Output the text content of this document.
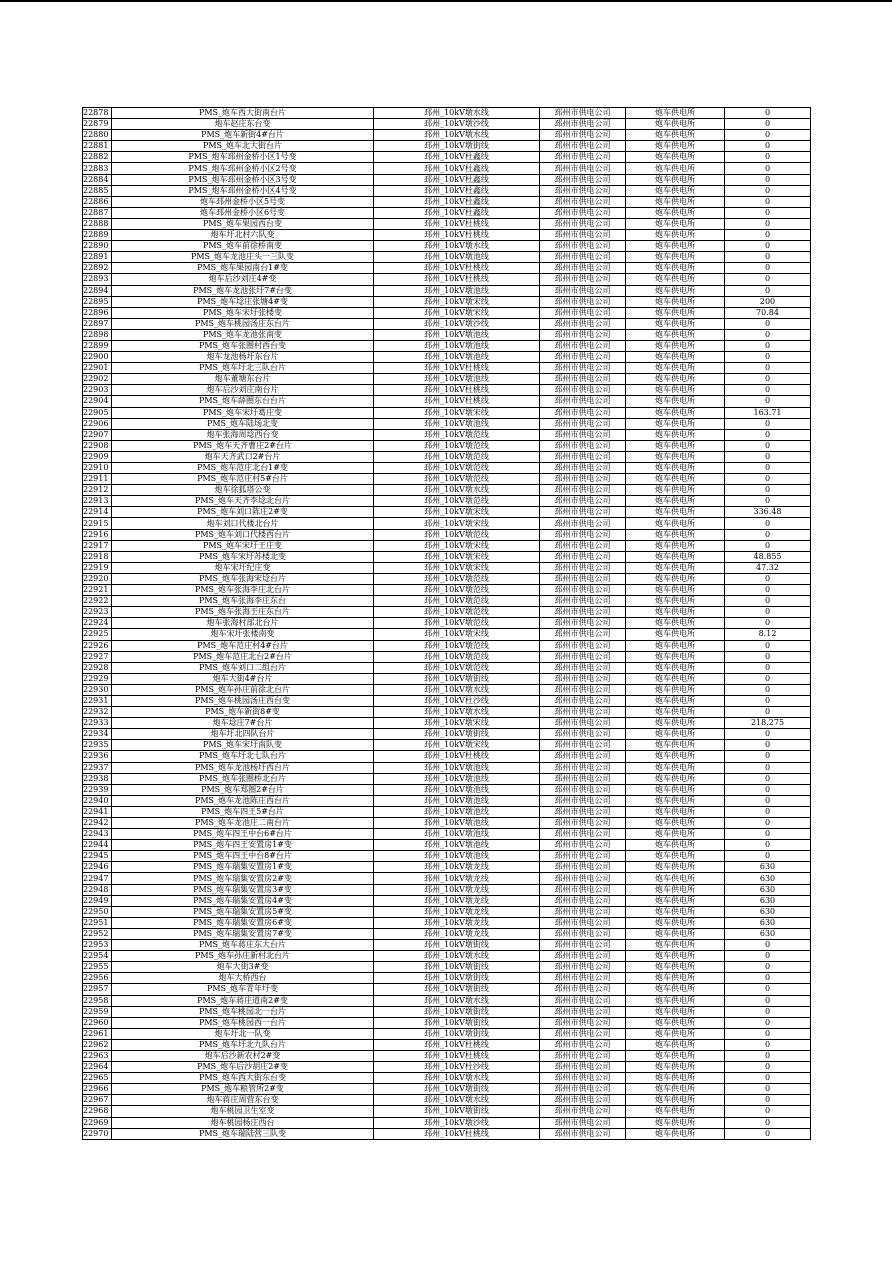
22878	PMS_炮车西大街南台片	邳州_10kV墩水线	邳州市供电公司	炮车供电所	0
22879	炮车赵庄东台变	邳州_10kV墩沙线	邳州市供电公司	炮车供电所	0
22880	PMS_炮车新街4#台片	邳州_10kV墩水线	邳州市供电公司	炮车供电所	0
22881	PMS_炮车北大街台片	邳州_10kV墩街线	邳州市供电公司	炮车供电所	0
22882	PMS_炮车邳州金桥小区1号变	邳州_10kV杜鑫线	邳州市供电公司	炮车供电所	0
22883	PMS_炮车邳州金桥小区2号变	邳州_10kV杜鑫线	邳州市供电公司	炮车供电所	0
22884	PMS_炮车邳州金桥小区3号变	邳州_10kV杜鑫线	邳州市供电公司	炮车供电所	0
22885	PMS_炮车邳州金桥小区4号变	邳州_10kV杜鑫线	邳州市供电公司	炮车供电所	0
22886	炮车邳州金桥小区5号变	邳州_10kV杜鑫线	邳州市供电公司	炮车供电所	0
22887	炮车邳州金桥小区6号变	邳州_10kV杜鑫线	邳州市供电公司	炮车供电所	0
22888	PMS_炮车果园西台变	邳州_10kV杜桃线	邳州市供电公司	炮车供电所	0
22889	炮车圩北村六队变	邳州_10kV杜桃线	邳州市供电公司	炮车供电所	0
22890	PMS_炮车前徐桥南变	邳州_10kV墩水线	邳州市供电公司	炮车供电所	0
22891	PMS_炮车龙池庄头一三队变	邳州_10kV墩池线	邳州市供电公司	炮车供电所	0
22892	PMS_炮车果园南台1#变	邳州_10kV杜桃线	邳州市供电公司	炮车供电所	0
22893	炮车后沙刘庄4#变	邳州_10kV杜桃线	邳州市供电公司	炮车供电所	0
22894	PMS_炮车龙池张圩7#台变	邳州_10kV墩池线	邳州市供电公司	炮车供电所	0
22895	PMS_炮车埝庄张塘4#变	邳州_10kV墩宋线	邳州市供电公司	炮车供电所	200
22896	PMS_炮车宋圩张楼变	邳州_10kV墩宋线	邳州市供电公司	炮车供电所	70.84
22897	PMS_炮车桃园汤庄东台片	邳州_10kV墩沙线	邳州市供电公司	炮车供电所	0
22898	PMS_炮车龙池张南变	邳州_10kV墩池线	邳州市供电公司	炮车供电所	0
22899	PMS_炮车张圈村西台变	邳州_10kV墩池线	邳州市供电公司	炮车供电所	0
22900	炮车龙池杨圩东台片	邳州_10kV墩池线	邳州市供电公司	炮车供电所	0
22901	PMS_炮车圩北三队台片	邳州_10kV杜桃线	邳州市供电公司	炮车供电所	0
22902	炮车董塘东台片	邳州_10kV墩池线	邳州市供电公司	炮车供电所	0
22903	炮车后沙刘庄南台片	邳州_10kV杜桃线	邳州市供电公司	炮车供电所	0
22904	PMS_炮车薛圈东台台片	邳州_10kV杜桃线	邳州市供电公司	炮车供电所	0
22905	PMS_炮车宋圩葛庄变	邳州_10kV墩宋线	邳州市供电公司	炮车供电所	163.71
22906	PMS_炮车陆场北变	邳州_10kV墩池线	邳州市供电公司	炮车供电所	0
22907	炮车张海周埝西台变	邳州_10kV墩范线	邳州市供电公司	炮车供电所	0
22908	PMS_炮车天齐曹庄2#台片	邳州_10kV墩范线	邳州市供电公司	炮车供电所	0
22909	炮车天齐武口2#台片	邳州_10kV墩范线	邳州市供电公司	炮车供电所	0
22910	PMS_炮车范庄北台1#变	邳州_10kV墩范线	邳州市供电公司	炮车供电所	0
22911	PMS_炮车范庄村5#台片	邳州_10kV墩范线	邳州市供电公司	炮车供电所	0
22912	炮车徐狐塔公变	邳州_10kV墩水线	邳州市供电公司	炮车供电所	0
22913	PMS_炮车天齐李埝北台片	邳州_10kV墩范线	邳州市供电公司	炮车供电所	0
22914	PMS_炮车刘口陈庄2#变	邳州_10kV墩宋线	邳州市供电公司	炮车供电所	336.48
22915	炮车刘口代楼北台片	邳州_10kV墩宋线	邳州市供电公司	炮车供电所	0
22916	PMS_炮车刘口代楼西台片	邳州_10kV墩范线	邳州市供电公司	炮车供电所	0
22917	PMS_炮车宋圩王庄变	邳州_10kV墩宋线	邳州市供电公司	炮车供电所	0
22918	PMS_炮车宋圩苏楼北变	邳州_10kV墩宋线	邳州市供电公司	炮车供电所	48.855
22919	炮车宋圩纪庄变	邳州_10kV墩宋线	邳州市供电公司	炮车供电所	47.32
22920	PMS_炮车张海宋埝台片	邳州_10kV墩范线	邳州市供电公司	炮车供电所	0
22921	PMS_炮车张海李庄北台片	邳州_10kV墩范线	邳州市供电公司	炮车供电所	0
22922	PMS_炮车张海李庄东台	邳州_10kV墩范线	邳州市供电公司	炮车供电所	0
22923	PMS_炮车张海王庄东台片	邳州_10kV墩范线	邳州市供电公司	炮车供电所	0
22924	炮车张海村部北台片	邳州_10kV墩范线	邳州市供电公司	炮车供电所	0
22925	炮车宋圩张楼南变	邳州_10kV墩宋线	邳州市供电公司	炮车供电所	8.12
22926	PMS_炮车范庄村4#台片	邳州_10kV墩范线	邳州市供电公司	炮车供电所	0
22927	PMS_炮车范庄北台2#台片	邳州_10kV墩范线	邳州市供电公司	炮车供电所	0
22928	PMS_炮车刘口二组台片	邳州_10kV墩范线	邳州市供电公司	炮车供电所	0
22929	炮车大街4#台片	邳州_10kV墩街线	邳州市供电公司	炮车供电所	0
22930	PMS_炮车孙庄前徐北台片	邳州_10kV墩水线	邳州市供电公司	炮车供电所	0
22931	PMS_炮车桃园汤庄西台变	邳州_10kV杜沙线	邳州市供电公司	炮车供电所	0
22932	PMS_炮车新街8#变	邳州_10kV墩水线	邳州市供电公司	炮车供电所	0
22933	炮车埝庄7#台片	邳州_10kV墩宋线	邳州市供电公司	炮车供电所	218.275
22934	炮车圩北四队台片	邳州_10kV墩街线	邳州市供电公司	炮车供电所	0
22935	PMS_炮车宋圩南队变	邳州_10kV墩宋线	邳州市供电公司	炮车供电所	0
22936	PMS_炮车圩北七队台片	邳州_10kV杜桃线	邳州市供电公司	炮车供电所	0
22937	PMS_炮车龙池杨圩西台片	邳州_10kV墩池线	邳州市供电公司	炮车供电所	0
22938	PMS_炮车张圈桥北台片	邳州_10kV墩池线	邳州市供电公司	炮车供电所	0
22939	PMS_炮车郑圈2#台片	邳州_10kV墩池线	邳州市供电公司	炮车供电所	0
22940	PMS_炮车龙池陈庄西台片	邳州_10kV墩池线	邳州市供电公司	炮车供电所	0
22941	PMS_炮车四王5#台片	邳州_10kV墩池线	邳州市供电公司	炮车供电所	0
22942	PMS_炮车龙池庄二南台片	邳州_10kV墩池线	邳州市供电公司	炮车供电所	0
22943	PMS_炮车四王中台6#台片	邳州_10kV墩池线	邳州市供电公司	炮车供电所	0
22944	PMS_炮车四王安置房1#变	邳州_10kV墩池线	邳州市供电公司	炮车供电所	0
22945	PMS_炮车四王中台8#台片	邳州_10kV墩池线	邳州市供电公司	炮车供电所	0
22946	PMS_炮车瑞集安置房1#变	邳州_10kV墩龙线	邳州市供电公司	炮车供电所	630
22947	PMS_炮车瑞集安置房2#变	邳州_10kV墩龙线	邳州市供电公司	炮车供电所	630
22948	PMS_炮车瑞集安置房3#变	邳州_10kV墩龙线	邳州市供电公司	炮车供电所	630
22949	PMS_炮车瑞集安置房4#变	邳州_10kV墩龙线	邳州市供电公司	炮车供电所	630
22950	PMS_炮车瑞集安置房5#变	邳州_10kV墩龙线	邳州市供电公司	炮车供电所	630
22951	PMS_炮车瑞集安置房6#变	邳州_10kV墩龙线	邳州市供电公司	炮车供电所	630
22952	PMS_炮车瑞集安置房7#变	邳州_10kV墩龙线	邳州市供电公司	炮车供电所	630
22953	PMS_炮车蒋庄东大台片	邳州_10kV墩街线	邳州市供电公司	炮车供电所	0
22954	PMS_炮车孙庄新村北台片	邳州_10kV墩水线	邳州市供电公司	炮车供电所	0
22955	炮车大街3#变	邳州_10kV墩街线	邳州市供电公司	炮车供电所	0
22956	炮车大桥西台	邳州_10kV墩街线	邳州市供电公司	炮车供电所	0
22957	PMS_炮车青年圩变	邳州_10kV墩街线	邳州市供电公司	炮车供电所	0
22958	PMS_炮车蒋庄道南2#变	邳州_10kV墩水线	邳州市供电公司	炮车供电所	0
22959	PMS_炮车桃园北一台片	邳州_10kV墩街线	邳州市供电公司	炮车供电所	0
22960	PMS_炮车桃园西一台片	邳州_10kV墩街线	邳州市供电公司	炮车供电所	0
22961	炮车圩北一队变	邳州_10kV墩街线	邳州市供电公司	炮车供电所	0
22962	PMS_炮车圩北九队台片	邳州_10kV杜桃线	邳州市供电公司	炮车供电所	0
22963	炮车后沙新农村2#变	邳州_10kV杜桃线	邳州市供电公司	炮车供电所	0
22964	PMS_炮车后沙胡庄2#变	邳州_10kV杜沙线	邳州市供电公司	炮车供电所	0
22965	PMS_炮车西大街东台变	邳州_10kV墩水线	邳州市供电公司	炮车供电所	0
22966	PMS_炮车粮管所2#变	邳州_10kV墩街线	邳州市供电公司	炮车供电所	0
22967	炮车蒋庄周营东台变	邳州_10kV墩水线	邳州市供电公司	炮车供电所	0
22968	炮车桃园卫生室变	邳州_10kV墩街线	邳州市供电公司	炮车供电所	0
22969	炮车桃园杨庄西台	邳州_10kV墩沙线	邳州市供电公司	炮车供电所	0
22970	PMS_炮车瑞陆营三队变	邳州_10kV杜桃线	邳州市供电公司	炮车供电所	0
